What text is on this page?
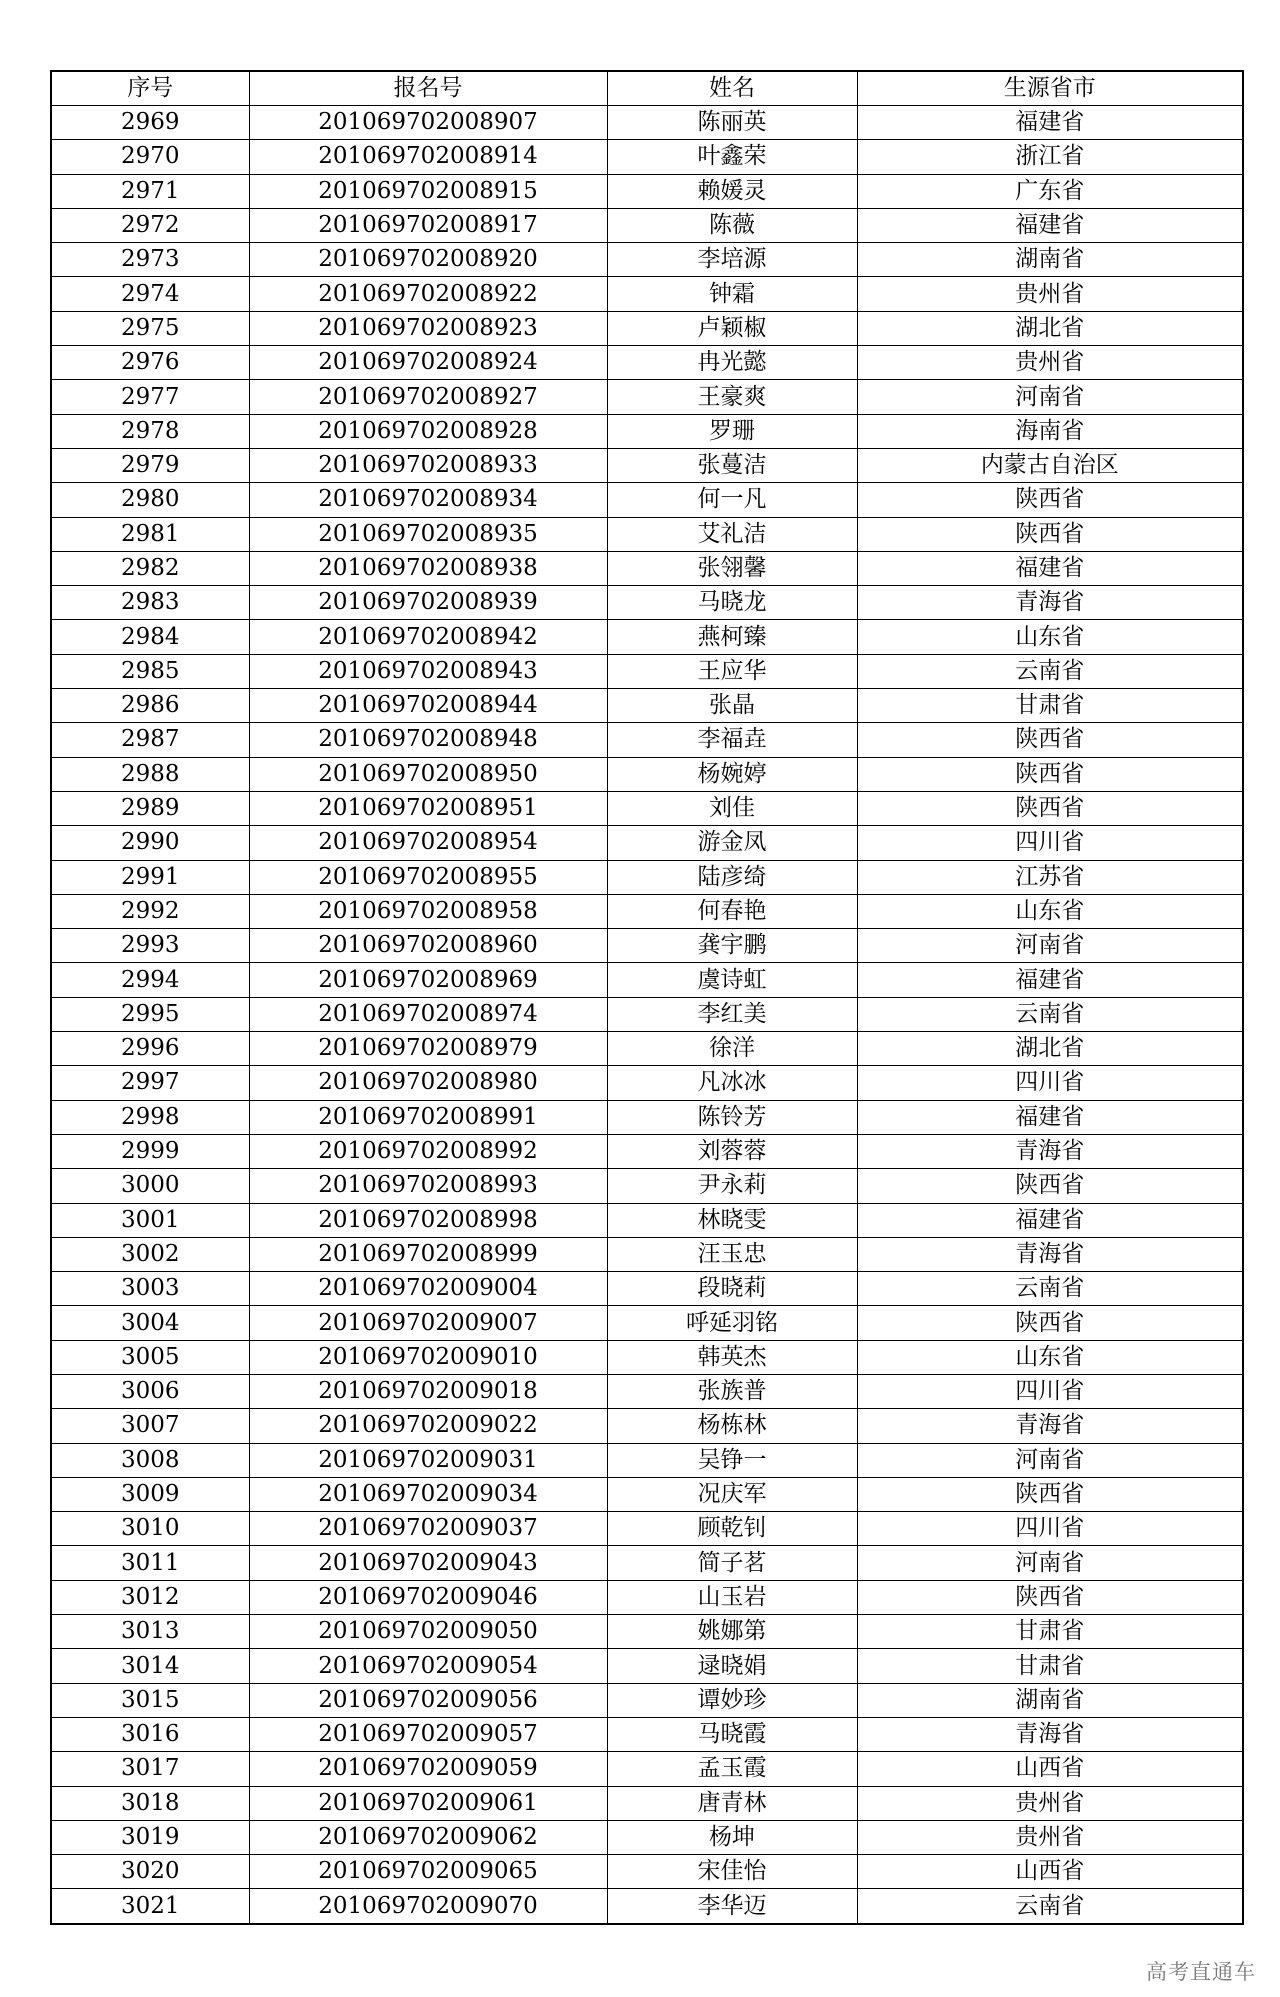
序号	报名号	姓名	生源省市
2969	201069702008907	陈丽英	福建省
2970	201069702008914	叶鑫荣	浙江省
2971	201069702008915	赖媛灵	广东省
2972	201069702008917	陈薇	福建省
2973	201069702008920	李培源	湖南省
2974	201069702008922	钟霜	贵州省
2975	201069702008923	卢颖椒	湖北省
2976	201069702008924	冉光懿	贵州省
2977	201069702008927	王豪爽	河南省
2978	201069702008928	罗珊	海南省
2979	201069702008933	张蔓洁	内蒙古自治区
2980	201069702008934	何一凡	陕西省
2981	201069702008935	艾礼洁	陕西省
2982	201069702008938	张翎馨	福建省
2983	201069702008939	马晓龙	青海省
2984	201069702008942	燕柯臻	山东省
2985	201069702008943	王应华	云南省
2986	201069702008944	张晶	甘肃省
2987	201069702008948	李福垚	陕西省
2988	201069702008950	杨婉婷	陕西省
2989	201069702008951	刘佳	陕西省
2990	201069702008954	游金凤	四川省
2991	201069702008955	陆彦绮	江苏省
2992	201069702008958	何春艳	山东省
2993	201069702008960	龚宇鹏	河南省
2994	201069702008969	虞诗虹	福建省
2995	201069702008974	李红美	云南省
2996	201069702008979	徐洋	湖北省
2997	201069702008980	凡冰冰	四川省
2998	201069702008991	陈铃芳	福建省
2999	201069702008992	刘蓉蓉	青海省
3000	201069702008993	尹永莉	陕西省
3001	201069702008998	林晓雯	福建省
3002	201069702008999	汪玉忠	青海省
3003	201069702009004	段晓莉	云南省
3004	201069702009007	呼延羽铭	陕西省
3005	201069702009010	韩英杰	山东省
3006	201069702009018	张族普	四川省
3007	201069702009022	杨栋林	青海省
3008	201069702009031	吴铮一	河南省
3009	201069702009034	况庆军	陕西省
3010	201069702009037	顾乾钊	四川省
3011	201069702009043	简子茗	河南省
3012	201069702009046	山玉岩	陕西省
3013	201069702009050	姚娜第	甘肃省
3014	201069702009054	逯晓娟	甘肃省
3015	201069702009056	谭妙珍	湖南省
3016	201069702009057	马晓霞	青海省
3017	201069702009059	孟玉霞	山西省
3018	201069702009061	唐青林	贵州省
3019	201069702009062	杨坤	贵州省
3020	201069702009065	宋佳怡	山西省
3021	201069702009070	李华迈	云南省
高考直通车
